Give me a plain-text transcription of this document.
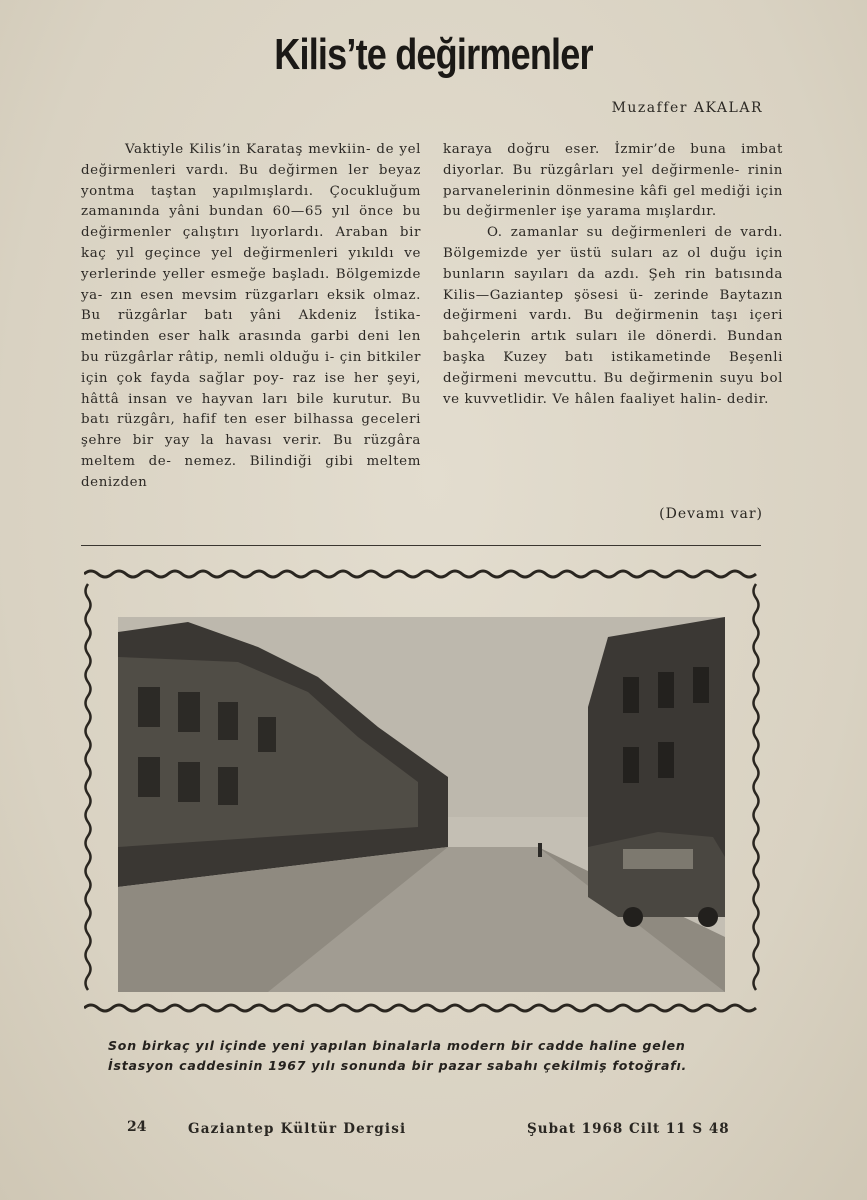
Kilis’te değirmenler
Muzaffer AKALAR

Vaktiyle Kilis’in Karataş mevkiin- de yel değirmenleri vardı. Bu değirmen ler beyaz yontma taştan yapılmışlardı. Çocukluğum zamanında yâni bundan 60—65 yıl önce bu değirmenler çalıştırı lıyorlardı. Araban bir kaç yıl geçince yel değirmenleri yıkıldı ve yerlerinde yeller esmeğe başladı. Bölgemizde ya- zın esen mevsim rüzgarları eksik olmaz. Bu rüzgârlar batı yâni Akdeniz İstika- metinden eser halk arasında garbi deni len bu rüzgârlar râtip, nemli olduğu i- çin bitkiler için çok fayda sağlar poy- raz ise her şeyi, hâttâ insan ve hayvan ları bile kurutur. Bu batı rüzgârı, hafif ten eser bilhassa geceleri şehre bir yay la havası verir. Bu rüzgâra meltem de- nemez. Bilindiği gibi meltem denizden

karaya doğru eser. İzmir’de buna imbat diyorlar. Bu rüzgârları yel değirmenle- rinin parvanelerinin dönmesine kâfi gel mediği için bu değirmenler işe yarama mışlardır.

O. zamanlar su değirmenleri de vardı. Bölgemizde yer üstü suları az ol duğu için bunların sayıları da azdı. Şeh rin batısında Kilis—Gaziantep şösesi ü- zerinde Baytazın değirmeni vardı. Bu değirmenin taşı içeri bahçelerin artık suları ile dönerdi. Bundan başka Kuzey batı istikametinde Beşenli değirmeni mevcuttu. Bu değirmenin suyu bol ve kuvvetlidir. Ve hâlen faaliyet halin- dedir.

(Devamı var)
Son birkaç yıl içinde yeni yapılan binalarla modern bir cadde haline gelen
İstasyon caddesinin 1967 yılı sonunda bir pazar sabahı çekilmiş fotoğrafı.
24	Gaziantep Kültür Dergisi	Şubat 1968 Cilt 11 S 48
